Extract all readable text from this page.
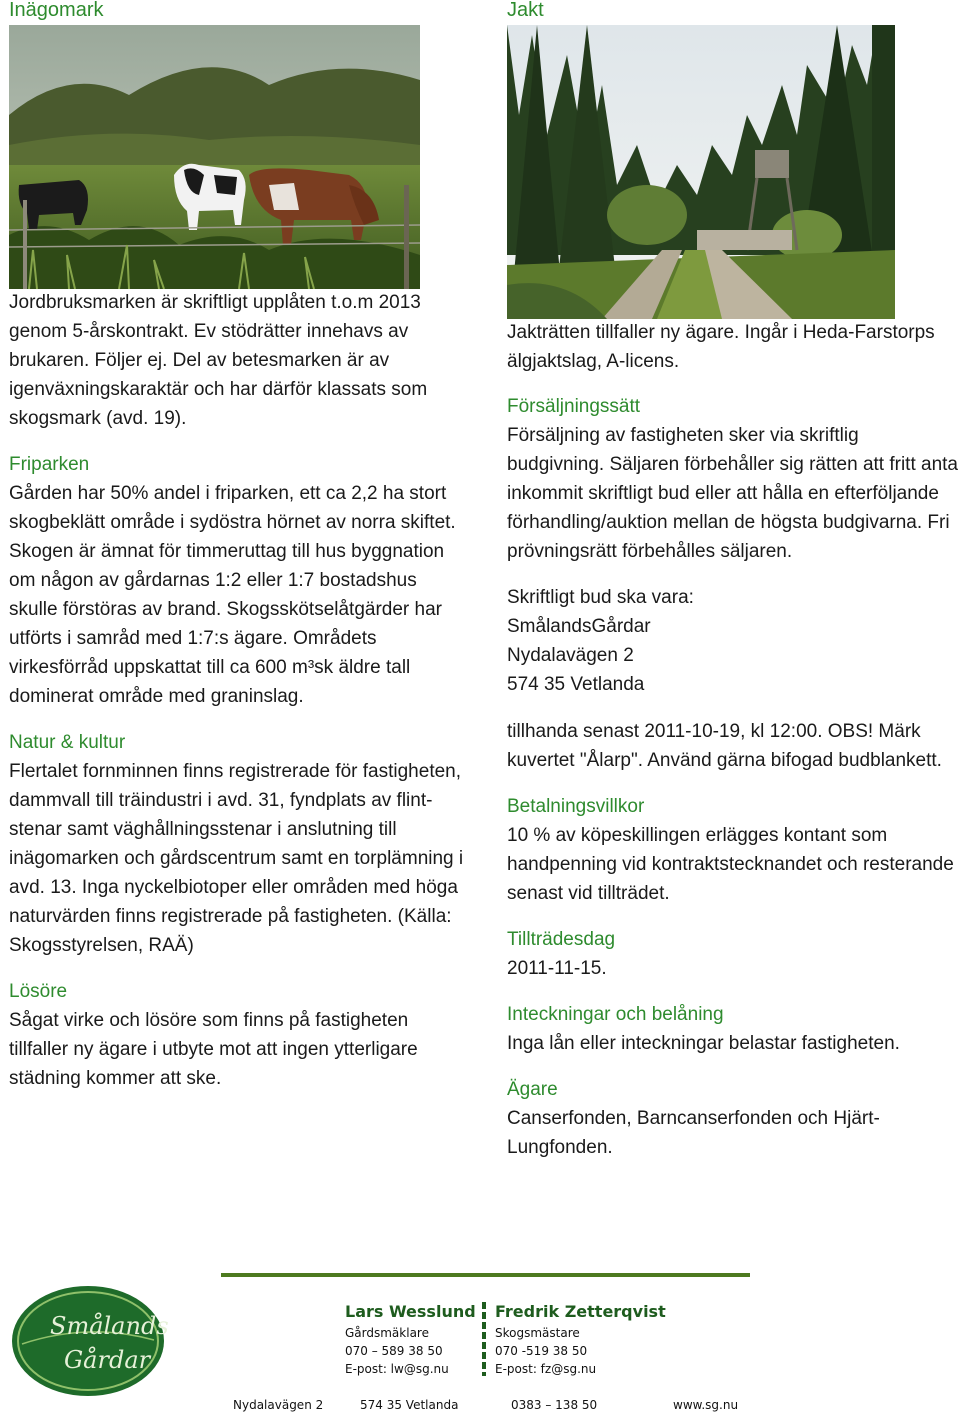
Inägomark

Jordbruksmarken är skriftligt upplåten t.o.m 2013 genom 5-årskontrakt. Ev stödrätter innehavs av brukaren. Följer ej. Del av betesmarken är av igenväxningskaraktär och har därför klassats som skogsmark (avd. 19).

Friparken

Gården har 50% andel i friparken, ett ca 2,2 ha stort skogbeklätt område i sydöstra hörnet av norra skiftet. Skogen är ämnat för timmeruttag till hus byggnation om någon av gårdarnas 1:2 eller 1:7 bostadshus skulle förstöras av brand. Skogsskötselåtgärder har utförts i samråd med 1:7:s ägare. Områdets virkesförråd uppskattat till ca 600 m³sk äldre tall dominerat område med graninslag.

Natur & kultur

Flertalet fornminnen finns registrerade för fastigheten, dammvall till träindustri i avd. 31, fyndplats av flint-stenar samt väghållningsstenar i anslutning till inägomarken och gårdscentrum samt en torplämning i avd. 13. Inga nyckelbiotoper eller områden med höga naturvärden finns registrerade på fastigheten. (Källa: Skogsstyrelsen, RAÄ)

Lösöre

Sågat virke och lösöre som finns på fastigheten tillfaller ny ägare i utbyte mot att ingen ytterligare städning kommer att ske.

Jakt

Jakträtten tillfaller ny ägare. Ingår i Heda-Farstorps älgjaktslag, A-licens.

Försäljningssätt

Försäljning av fastigheten sker via skriftlig budgivning. Säljaren förbehåller sig rätten att fritt anta inkommit skriftligt bud eller att hålla en efterföljande förhandling/auktion mellan de högsta budgivarna. Fri prövningsrätt förbehålles säljaren.

Skriftligt bud ska vara:

SmålandsGårdar

Nydalavägen 2

574 35 Vetlanda

tillhanda senast 2011-10-19, kl 12:00. OBS! Märk kuvertet "Ålarp". Använd gärna bifogad budblankett.

Betalningsvillkor

10 % av köpeskillingen erlägges kontant som handpenning vid kontraktstecknandet och resterande senast vid tillträdet.

Tillträdesdag

2011-11-15.

Inteckningar och belåning

Inga lån eller inteckningar belastar fastigheten.

Ägare

Canserfonden, Barncanserfonden och Hjärt-Lungfonden.

Smålands
Gårdar
Lars Wesslund
Gårdsmäklare
070 – 589 38 50
E-post: lw@sg.nu
Fredrik Zetterqvist
Skogsmästare
070 -519 38 50
E-post: fz@sg.nu
Nydalavägen 2	574 35 Vetlanda	0383 – 138 50	www.sg.nu
